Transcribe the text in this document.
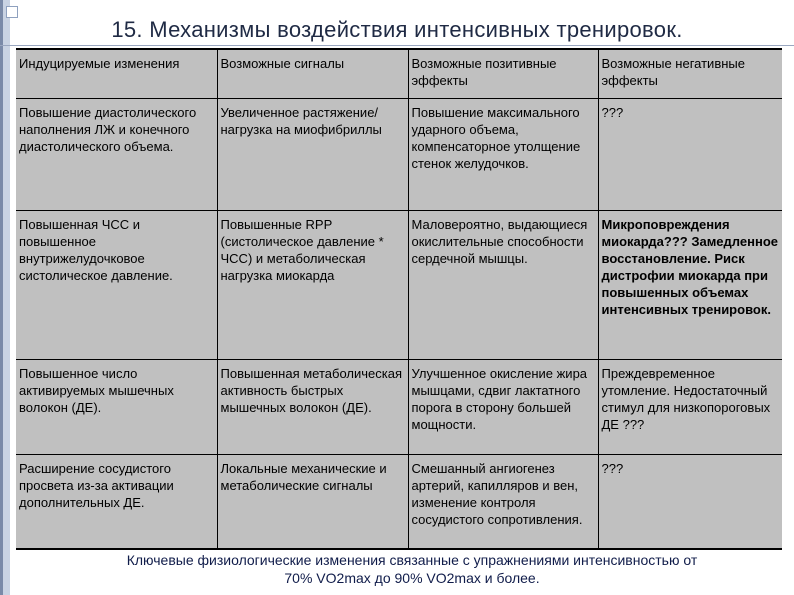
15. Механизмы воздействия интенсивных тренировок.
Индуцируемые изменения	Возможные сигналы	Возможные позитивные эффекты	Возможные негативные эффекты
Повышение диастолического наполнения ЛЖ и конечного диастолического объема.	Увеличенное растяжение/нагрузка на миофибриллы	Повышение максимального ударного объема, компенсаторное утолщение стенок желудочков.	???
Повышенная ЧСС и повышенное внутрижелудочковое систолическое давление.	Повышенные RPP (систолическое давление * ЧСС) и метаболическая нагрузка миокарда	Маловероятно, выдающиеся окислительные способности сердечной мышцы.	Микроповреждения миокарда??? Замедленное восстановление. Риск дистрофии миокарда при повышенных объемах интенсивных тренировок.
Повышенное число активируемых мышечных волокон (ДЕ).	Повышенная метаболическая активность быстрых мышечных волокон (ДЕ).	Улучшенное окисление жира мышцами, сдвиг лактатного порога в сторону большей мощности.	Преждевременное утомление. Недостаточный стимул для низкопороговых ДЕ ???
Расширение сосудистого просвета из-за активации дополнительных ДЕ.	Локальные механические и метаболические сигналы	Смешанный ангиогенез артерий, капилляров и вен, изменение контроля сосудистого сопротивления.	???
Ключевые физиологические изменения связанные с упражнениями интенсивностью от
70% VO2max до 90% VO2max и более.
